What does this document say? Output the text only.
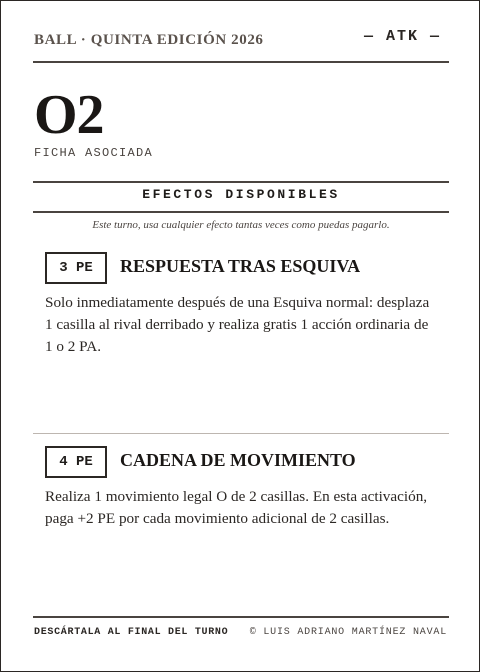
BALL · QUINTA EDICIÓN 2026	— ATK —
O2
FICHA ASOCIADA
EFECTOS DISPONIBLES
Este turno, usa cualquier efecto tantas veces como puedas pagarlo.
3 PE	RESPUESTA TRAS ESQUIVA
Solo inmediatamente después de una Esquiva normal: desplaza 1 casilla al rival derribado y realiza gratis 1 acción ordinaria de 1 o 2 PA.
4 PE	CADENA DE MOVIMIENTO
Realiza 1 movimiento legal O de 2 casillas. En esta activación, paga +2 PE por cada movimiento adicional de 2 casillas.
DESCÁRTALA AL FINAL DEL TURNO © LUIS ADRIANO MARTÍNEZ NAVAL
